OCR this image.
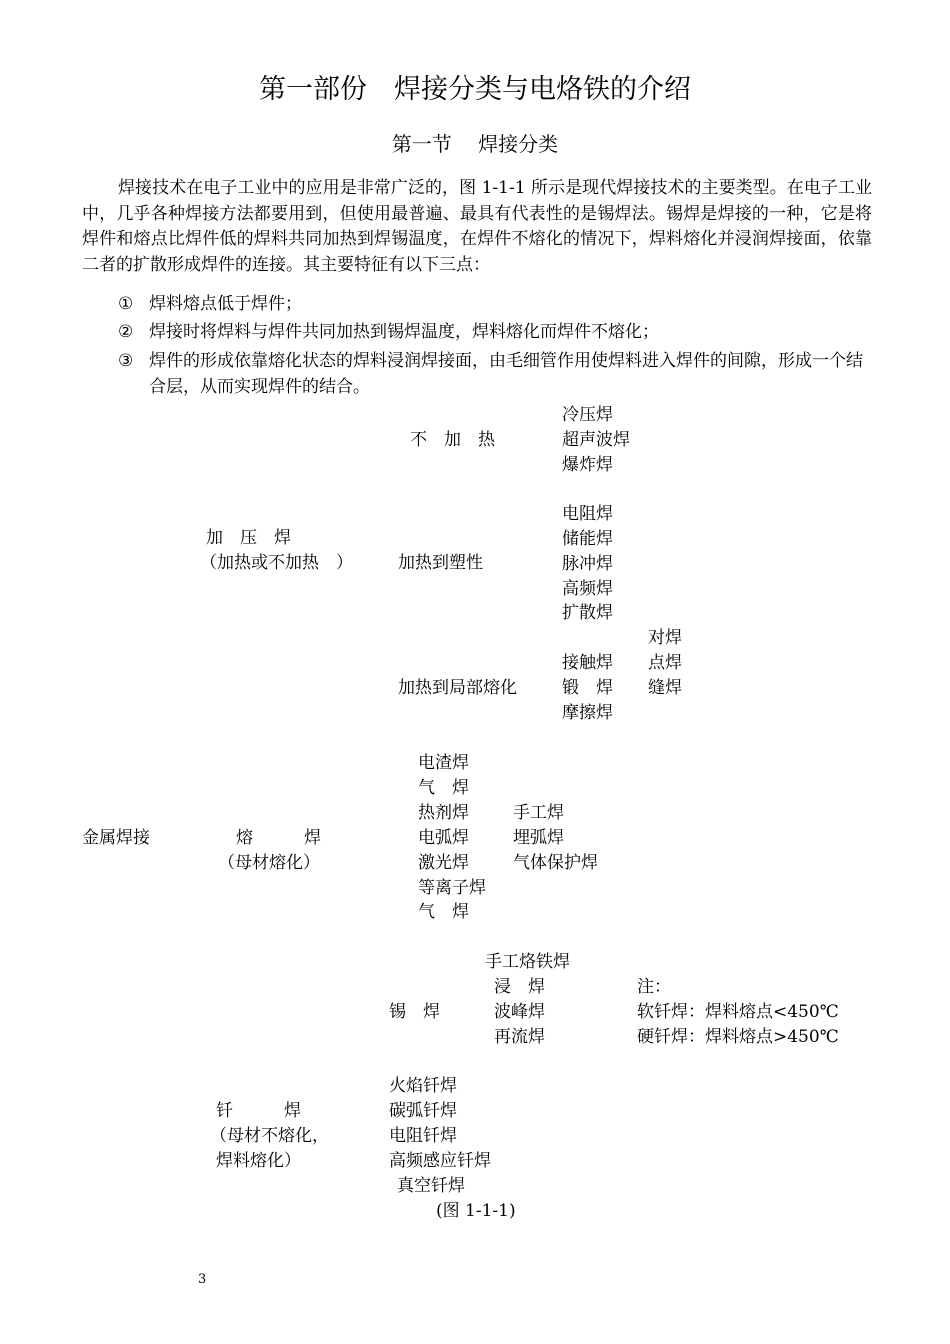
第一部份　焊接分类与电烙铁的介绍
第一节　 焊接分类

焊接技术在电子工业中的应用是非常广泛的，图 1-1-1 所示是现代焊接技术的主要类型。在电子工业中，几乎各种焊接方法都要用到，但使用最普遍、最具有代表性的是锡焊法。锡焊是焊接的一种，它是将焊件和熔点比焊件低的焊料共同加热到焊锡温度，在焊件不熔化的情况下，焊料熔化并浸润焊接面，依靠二者的扩散形成焊件的连接。其主要特征有以下三点：

① 焊料熔点低于焊件；
② 焊接时将焊料与焊件共同加热到锡焊温度，焊料熔化而焊件不熔化；
③ 焊件的形成依靠熔化状态的焊料浸润焊接面，由毛细管作用使焊料进入焊件的间隙，形成一个结合层，从而实现焊件的结合。
金属焊接
加　压　焊
（加热或不加热　）
不　加　热
冷压焊
超声波焊
爆炸焊
加热到塑性
电阻焊
储能焊
脉冲焊
高频焊
扩散焊
加热到局部熔化
接触焊
锻　焊
摩擦焊
对焊
点焊
缝焊
熔　　　焊
（母材熔化）
电渣焊
气　焊
热剂焊
电弧焊
激光焊
等离子焊
气　焊
手工焊
埋弧焊
气体保护焊
锡　焊
手工烙铁焊
浸　焊
波峰焊
再流焊
注：
软钎焊：焊料熔点<450℃
硬钎焊：焊料熔点>450℃
钎　　　焊
（母材不熔化，
焊料熔化）
火焰钎焊
碳弧钎焊
电阻钎焊
高频感应钎焊
真空钎焊
(图 1-1-1)
3
